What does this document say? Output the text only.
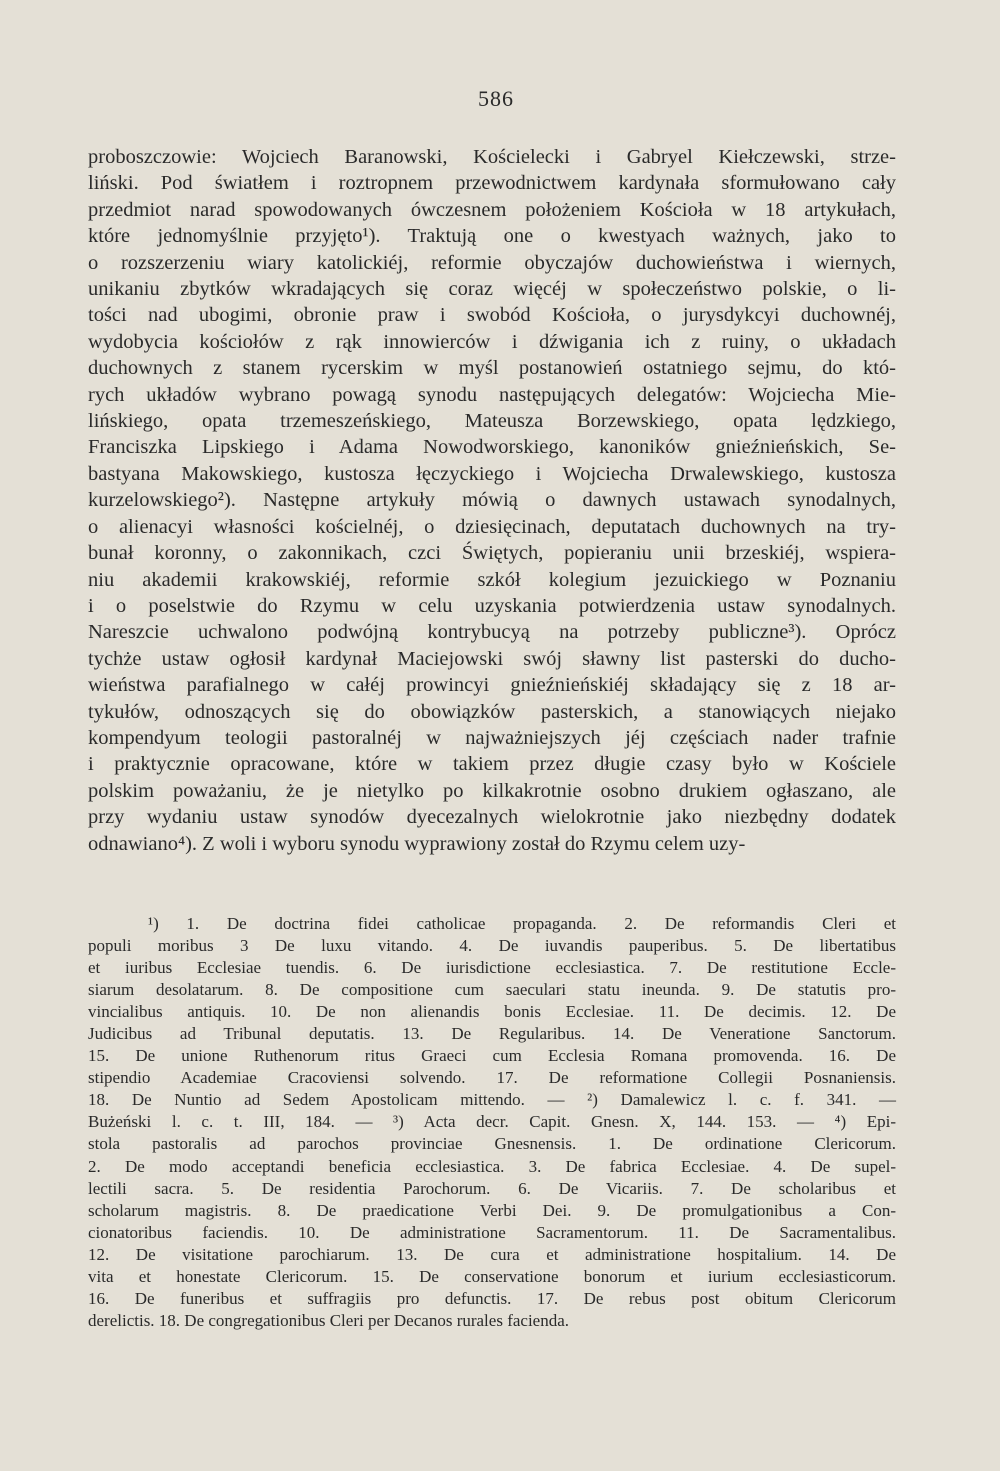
586
proboszczowie: Wojciech Baranowski, Kościelecki i Gabryel Kiełczewski, strze-
liński. Pod światłem i roztropnem przewodnictwem kardynała sformułowano cały
przedmiot narad spowodowanych ówczesnem położeniem Kościoła w 18 artykułach,
które jednomyślnie przyjęto¹). Traktują one o kwestyach ważnych, jako to
o rozszerzeniu wiary katolickiéj, reformie obyczajów duchowieństwa i wiernych,
unikaniu zbytków wkradających się coraz więcéj w społeczeństwo polskie, o li-
tości nad ubogimi, obronie praw i swobód Kościoła, o jurysdykcyi duchownéj,
wydobycia kościołów z rąk innowierców i dźwigania ich z ruiny, o układach
duchownych z stanem rycerskim w myśl postanowień ostatniego sejmu, do któ-
rych układów wybrano powagą synodu następujących delegatów: Wojciecha Mie-
lińskiego, opata trzemeszeńskiego, Mateusza Borzewskiego, opata lędzkiego,
Franciszka Lipskiego i Adama Nowodworskiego, kanoników gnieźnieńskich, Se-
bastyana Makowskiego, kustosza łęczyckiego i Wojciecha Drwalewskiego, kustosza
kurzelowskiego²). Następne artykuły mówią o dawnych ustawach synodalnych,
o alienacyi własności kościelnéj, o dziesięcinach, deputatach duchownych na try-
bunał koronny, o zakonnikach, czci Świętych, popieraniu unii brzeskiéj, wspiera-
niu akademii krakowskiéj, reformie szkół kolegium jezuickiego w Poznaniu
i o poselstwie do Rzymu w celu uzyskania potwierdzenia ustaw synodalnych.
Nareszcie uchwalono podwójną kontrybucyą na potrzeby publiczne³). Oprócz
tychże ustaw ogłosił kardynał Maciejowski swój sławny list pasterski do ducho-
wieństwa parafialnego w całéj prowincyi gnieźnieńskiéj składający się z 18 ar-
tykułów, odnoszących się do obowiązków pasterskich, a stanowiących niejako
kompendyum teologii pastoralnéj w najważniejszych jéj częściach nader trafnie
i praktycznie opracowane, które w takiem przez długie czasy było w Kościele
polskim poważaniu, że je nietylko po kilkakrotnie osobno drukiem ogłaszano, ale
przy wydaniu ustaw synodów dyecezalnych wielokrotnie jako niezbędny dodatek
odnawiano⁴). Z woli i wyboru synodu wyprawiony został do Rzymu celem uzy-
¹) 1. De doctrina fidei catholicae propaganda. 2. De reformandis Cleri et
populi moribus 3 De luxu vitando. 4. De iuvandis pauperibus. 5. De libertatibus
et iuribus Ecclesiae tuendis. 6. De iurisdictione ecclesiastica. 7. De restitutione Eccle-
siarum desolatarum. 8. De compositione cum saeculari statu ineunda. 9. De statutis pro-
vincialibus antiquis. 10. De non alienandis bonis Ecclesiae. 11. De decimis. 12. De
Judicibus ad Tribunal deputatis. 13. De Regularibus. 14. De Veneratione Sanctorum.
15. De unione Ruthenorum ritus Graeci cum Ecclesia Romana promovenda. 16. De
stipendio Academiae Cracoviensi solvendo. 17. De reformatione Collegii Posnaniensis.
18. De Nuntio ad Sedem Apostolicam mittendo. — ²) Damalewicz l. c. f. 341. —
Bużeński l. c. t. III, 184. — ³) Acta decr. Capit. Gnesn. X, 144. 153. — ⁴) Epi-
stola pastoralis ad parochos provinciae Gnesnensis. 1. De ordinatione Clericorum.
2. De modo acceptandi beneficia ecclesiastica. 3. De fabrica Ecclesiae. 4. De supel-
lectili sacra. 5. De residentia Parochorum. 6. De Vicariis. 7. De scholaribus et
scholarum magistris. 8. De praedicatione Verbi Dei. 9. De promulgationibus a Con-
cionatoribus faciendis. 10. De administratione Sacramentorum. 11. De Sacramentalibus.
12. De visitatione parochiarum. 13. De cura et administratione hospitalium. 14. De
vita et honestate Clericorum. 15. De conservatione bonorum et iurium ecclesiasticorum.
16. De funeribus et suffragiis pro defunctis. 17. De rebus post obitum Clericorum
derelictis. 18. De congregationibus Cleri per Decanos rurales facienda.
